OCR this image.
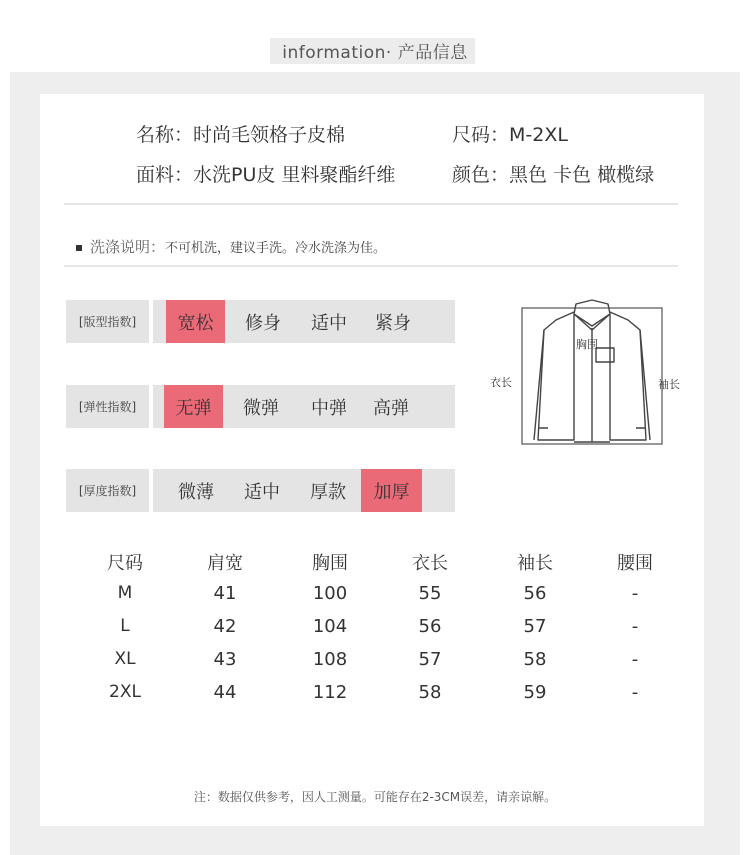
information· 产品信息
名称：时尚毛领格子皮棉	尺码：M-2XL
面料：水洗PU皮 里料聚酯纤维	颜色：黑色 卡色 橄榄绿
洗涤说明：不可机洗，建议手洗。冷水洗涤为佳。
[版型指数]	宽松	修身	适中	紧身
[弹性指数]	无弹	微弹	中弹	高弹
[厚度指数]	微薄	适中	厚款	加厚
胸围
衣长	袖长
尺码	肩宽	胸围	衣长	袖长	腰围
M	41	100	55	56	-
L	42	104	56	57	-
XL	43	108	57	58	-
2XL	44	112	58	59	-
注：数据仅供参考，因人工测量。可能存在2-3CM误差，请亲谅解。
